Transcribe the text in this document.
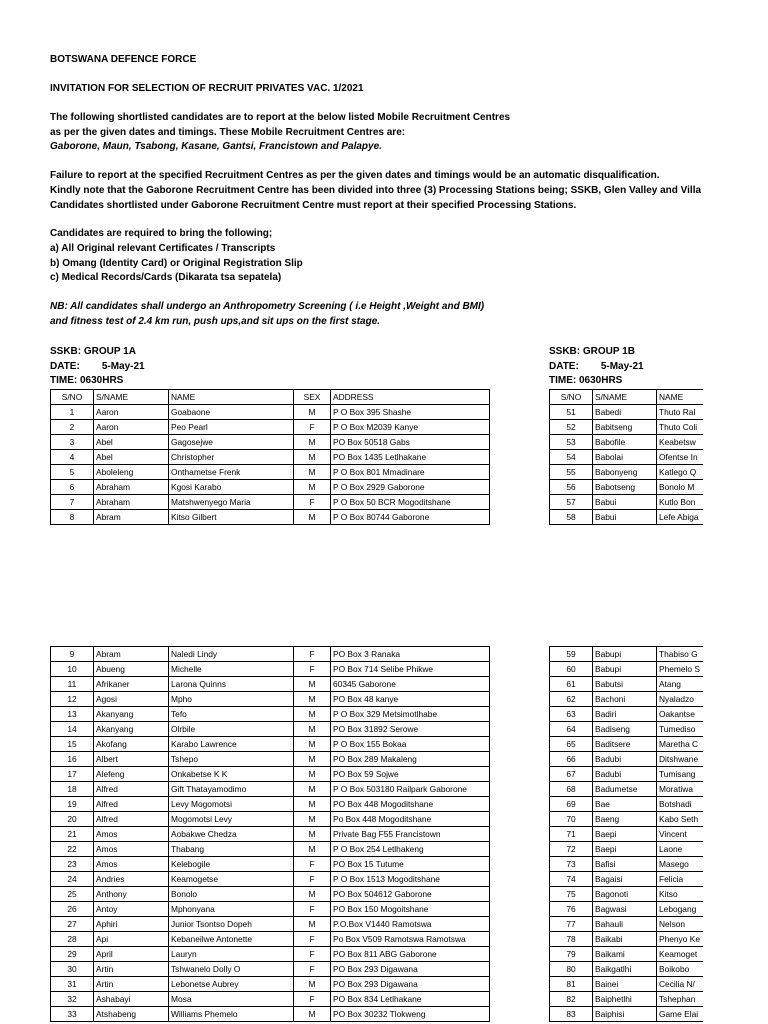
BOTSWANA DEFENCE FORCE
INVITATION FOR SELECTION OF RECRUIT PRIVATES VAC. 1/2021
The following shortlisted candidates are to report at the below listed Mobile Recruitment Centres
as per the given dates and timings. These Mobile Recruitment Centres are:
Gaborone, Maun, Tsabong, Kasane, Gantsi, Francistown and Palapye.
Failure to report at the specified Recruitment Centres as per the given dates and timings would be an automatic disqualification.
Kindly note that the Gaborone Recruitment Centre has been divided into three (3) Processing Stations being; SSKB, Glen Valley and Villa
Candidates shortlisted under Gaborone Recruitment Centre must report at their specified Processing Stations.
Candidates are required to bring the following;
a) All Original relevant Certificates / Transcripts
b) Omang (Identity Card) or Original Registration Slip
c) Medical Records/Cards (Dikarata tsa sepatela)
NB: All candidates shall undergo an Anthropometry Screening ( i.e Height ,Weight and BMI)
and fitness test of 2.4 km run, push ups,and sit ups on the first stage.
SSKB: GROUP 1A
DATE: 5-May-21
TIME: 0630HRS
SSKB: GROUP 1B
DATE: 5-May-21
TIME: 0630HRS
S/NO	S/NAME	NAME	SEX	ADDRESS
1	Aaron	Goabaone	M	P O Box 395 Shashe
2	Aaron	Peo Pearl	F	P O Box M2039 Kanye
3	Abel	Gagosejwe	M	PO Box 50518 Gabs
4	Abel	Christopher	M	PO Box 1435 Letlhakane
5	Aboleleng	Onthametse Frenk	M	P O Box 801 Mmadinare
6	Abraham	Kgosi Karabo	M	P O Box 2929 Gaborone
7	Abraham	Matshwenyego Maria	F	P O Box 50 BCR Mogoditshane
8	Abram	Kitso Gilbert	M	P O Box 80744 Gaborone
S/NO	S/NAME	NAME
51	Babedi	Thuto Ral
52	Babitseng	Thuto Coli
53	Babofile	Keabetsw
54	Babolai	Ofentse In
55	Babonyeng	Katlego Q
56	Babotseng	Bonolo M
57	Babui	Kutlo Bon
58	Babui	Lefe Abiga
9	Abram	Naledi Lindy	F	PO Box 3 Ranaka
10	Abueng	Michelle	F	PO Box 714 Selibe Phikwe
11	Afrikaner	Larona Quinns	M	60345 Gaborone
12	Agosi	Mpho	M	PO Box 48 kanye
13	Akanyang	Tefo	M	P O Box 329 Metsimotlhabe
14	Akanyang	Olrbile	M	PO Box 31892 Serowe
15	Akofang	Karabo Lawrence	M	P O Box 155 Bokaa
16	Albert	Tshepo	M	PO Box 289 Makaleng
17	Alefeng	Onkabetse K K	M	PO Box 59 Sojwe
18	Alfred	Gift Thatayamodimo	M	P O Box 503180 Railpark Gaborone
19	Alfred	Levy Mogomotsi	M	PO Box 448 Mogoditshane
20	Alfred	Mogomotsi Levy	M	Po Box 448 Mogoditshane
21	Amos	Aobakwe Chedza	M	Private Bag F55 Francistown
22	Amos	Thabang	M	P O Box 254 Letlhakeng
23	Amos	Kelebogile	F	PO Box 15 Tutume
24	Andries	Keamogetse	F	P O Box 1513 Mogoditshane
25	Anthony	Bonolo	M	PO Box 504612 Gaborone
26	Antoy	Mphonyana	F	PO Box 150 Mogoitshane
27	Aphiri	Junior Tsontso Dopeh	M	P.O.Box V1440 Ramotswa
28	Api	Kebaneilwe Antonette	F	Po Box V509 Ramotswa Ramotswa
29	April	Lauryn	F	PO Box 811 ABG Gaborone
30	Artin	Tshwanelo Dolly O	F	PO Box 293 Digawana
31	Artin	Lebonetse Aubrey	M	PO Box 293 Digawana
32	Ashabayi	Mosa	F	PO Box 834 Letlhakane
33	Atshabeng	Williams Phemelo	M	PO Box 30232 Tlokweng
59	Babupi	Thabiso G
60	Babupi	Phemelo S
61	Babutsi	Atang
62	Bachoni	Nyaladzo
63	Badiri	Oakantse
64	Badiseng	Tumediso
65	Baditsere	Maretha C
66	Badubi	Ditshwane
67	Badubi	Tumisang
68	Badumetse	Moratiwa
69	Bae	Botshadi
70	Baeng	Kabo Seth
71	Baepi	Vincent
72	Baepi	Laone
73	Bafisi	Masego
74	Bagaisi	Felicia
75	Bagonoti	Kitso
76	Bagwasi	Lebogang
77	Bahauli	Nelson
78	Baikabi	Phenyo Ke
79	Baikami	Keamoget
80	Baikgatlhi	Boikobo
81	Bainei	Cecilia N/
82	Baiphetlhi	Tshephan
83	Baiphisi	Game Elai
